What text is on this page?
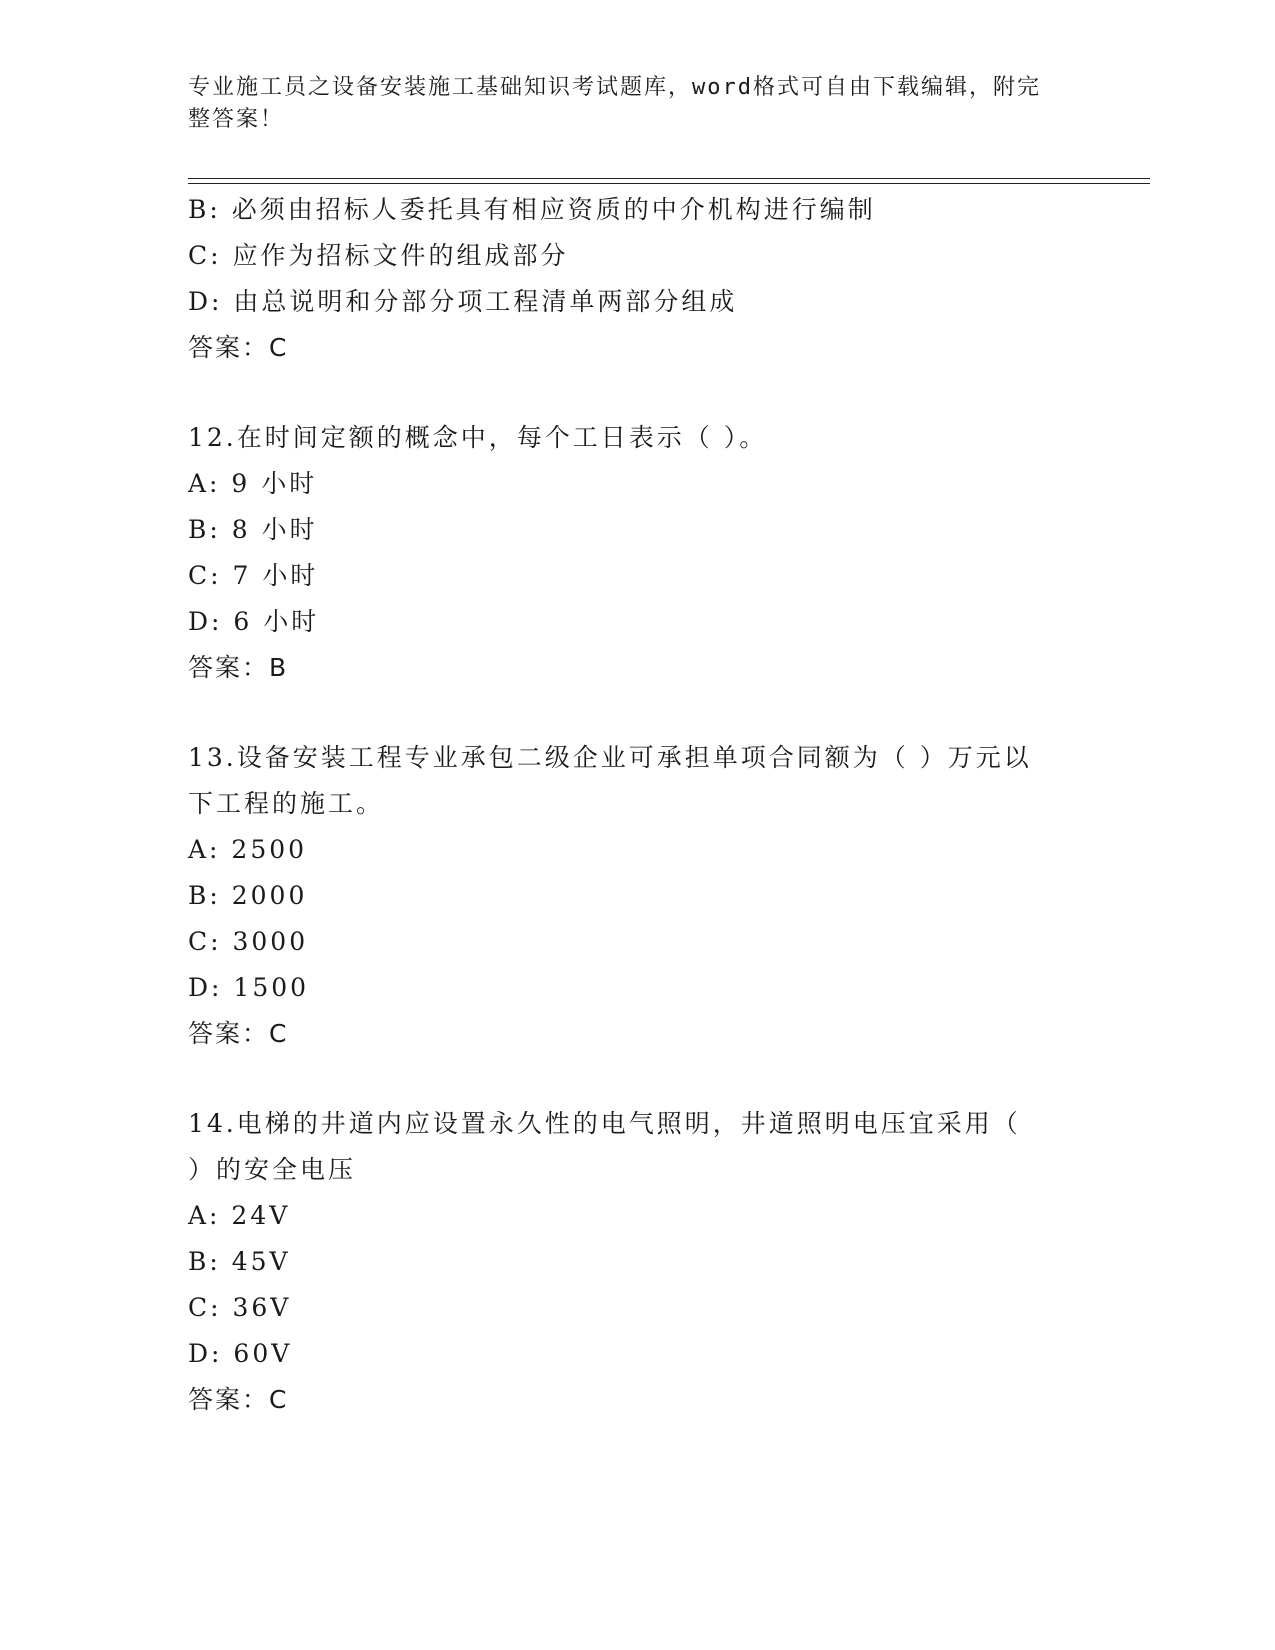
专业施工员之设备安装施工基础知识考试题库，word格式可自由下载编辑，附完
整答案！
B: 必须由招标人委托具有相应资质的中介机构进行编制
C: 应作为招标文件的组成部分
D: 由总说明和分部分项工程清单两部分组成
答案：C
12.在时间定额的概念中，每个工日表示（ ）。
A: 9 小时
B: 8 小时
C: 7 小时
D: 6 小时
答案：B
13.设备安装工程专业承包二级企业可承担单项合同额为（ ）万元以
下工程的施工。
A: 2500
B: 2000
C: 3000
D: 1500
答案：C
14.电梯的井道内应设置永久性的电气照明，井道照明电压宜采用（
）的安全电压
A: 24V
B: 45V
C: 36V
D: 60V
答案：C
